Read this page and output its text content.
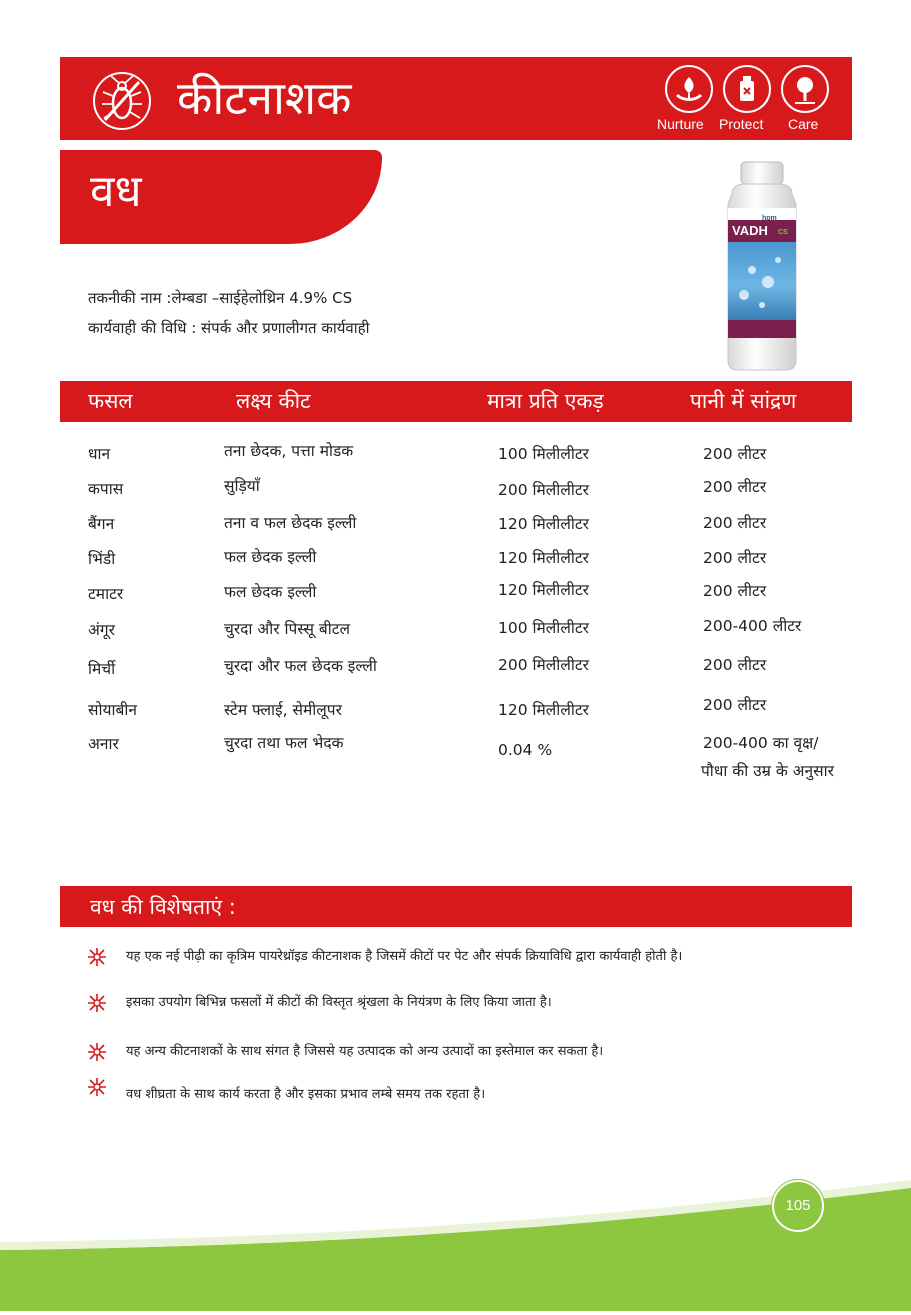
कीटनाशक	Nurture Protect Care
वध
hpm
VADH CS
तकनीकी नाम :लेम्बडा –साईहेलोथ्रिन 4.9% CS
कार्यवाही की विधि : संपर्क और प्रणालीगत कार्यवाही
फसल	लक्ष्य कीट	मात्रा प्रति एकड़	पानी में सांद्रण
धान	तना छेदक, पत्ता मोडक	100 मिलीलीटर	200 लीटर
कपास	सुड़ियाँ	200 मिलीलीटर	200 लीटर
बैंगन	तना व फल छेदक इल्ली	120 मिलीलीटर	200 लीटर
भिंडी	फल छेदक इल्ली	120 मिलीलीटर	200 लीटर
टमाटर	फल छेदक इल्ली	120 मिलीलीटर	200 लीटर
अंगूर	चुरदा और पिस्सू बीटल	100 मिलीलीटर	200-400 लीटर
मिर्ची	चुरदा और फल छेदक इल्ली	200 मिलीलीटर	200 लीटर
सोयाबीन	स्टेम फ्लाई, सेमीलूपर	120 मिलीलीटर	200 लीटर
अनार	चुरदा तथा फल भेदक	0.04 %	200-400 का वृक्ष/
पौधा की उम्र के अनुसार
वध की विशेषताएं :
यह एक नई पीढ़ी का कृत्रिम पायरेथ्रॉइड कीटनाशक है जिसमें कीटों पर पेट और संपर्क क्रियाविधि द्वारा कार्यवाही होती है।
इसका उपयोग बिभिन्न फसलों में कीटों की विस्तृत श्रृंखला के नियंत्रण के लिए किया जाता है।
यह अन्य कीटनाशकों के साथ संगत है जिससे यह उत्पादक को अन्य उत्पादों का इस्तेमाल कर सकता है।
वध शीघ्रता के साथ कार्य करता है और इसका प्रभाव लम्बे समय तक रहता है।
105
